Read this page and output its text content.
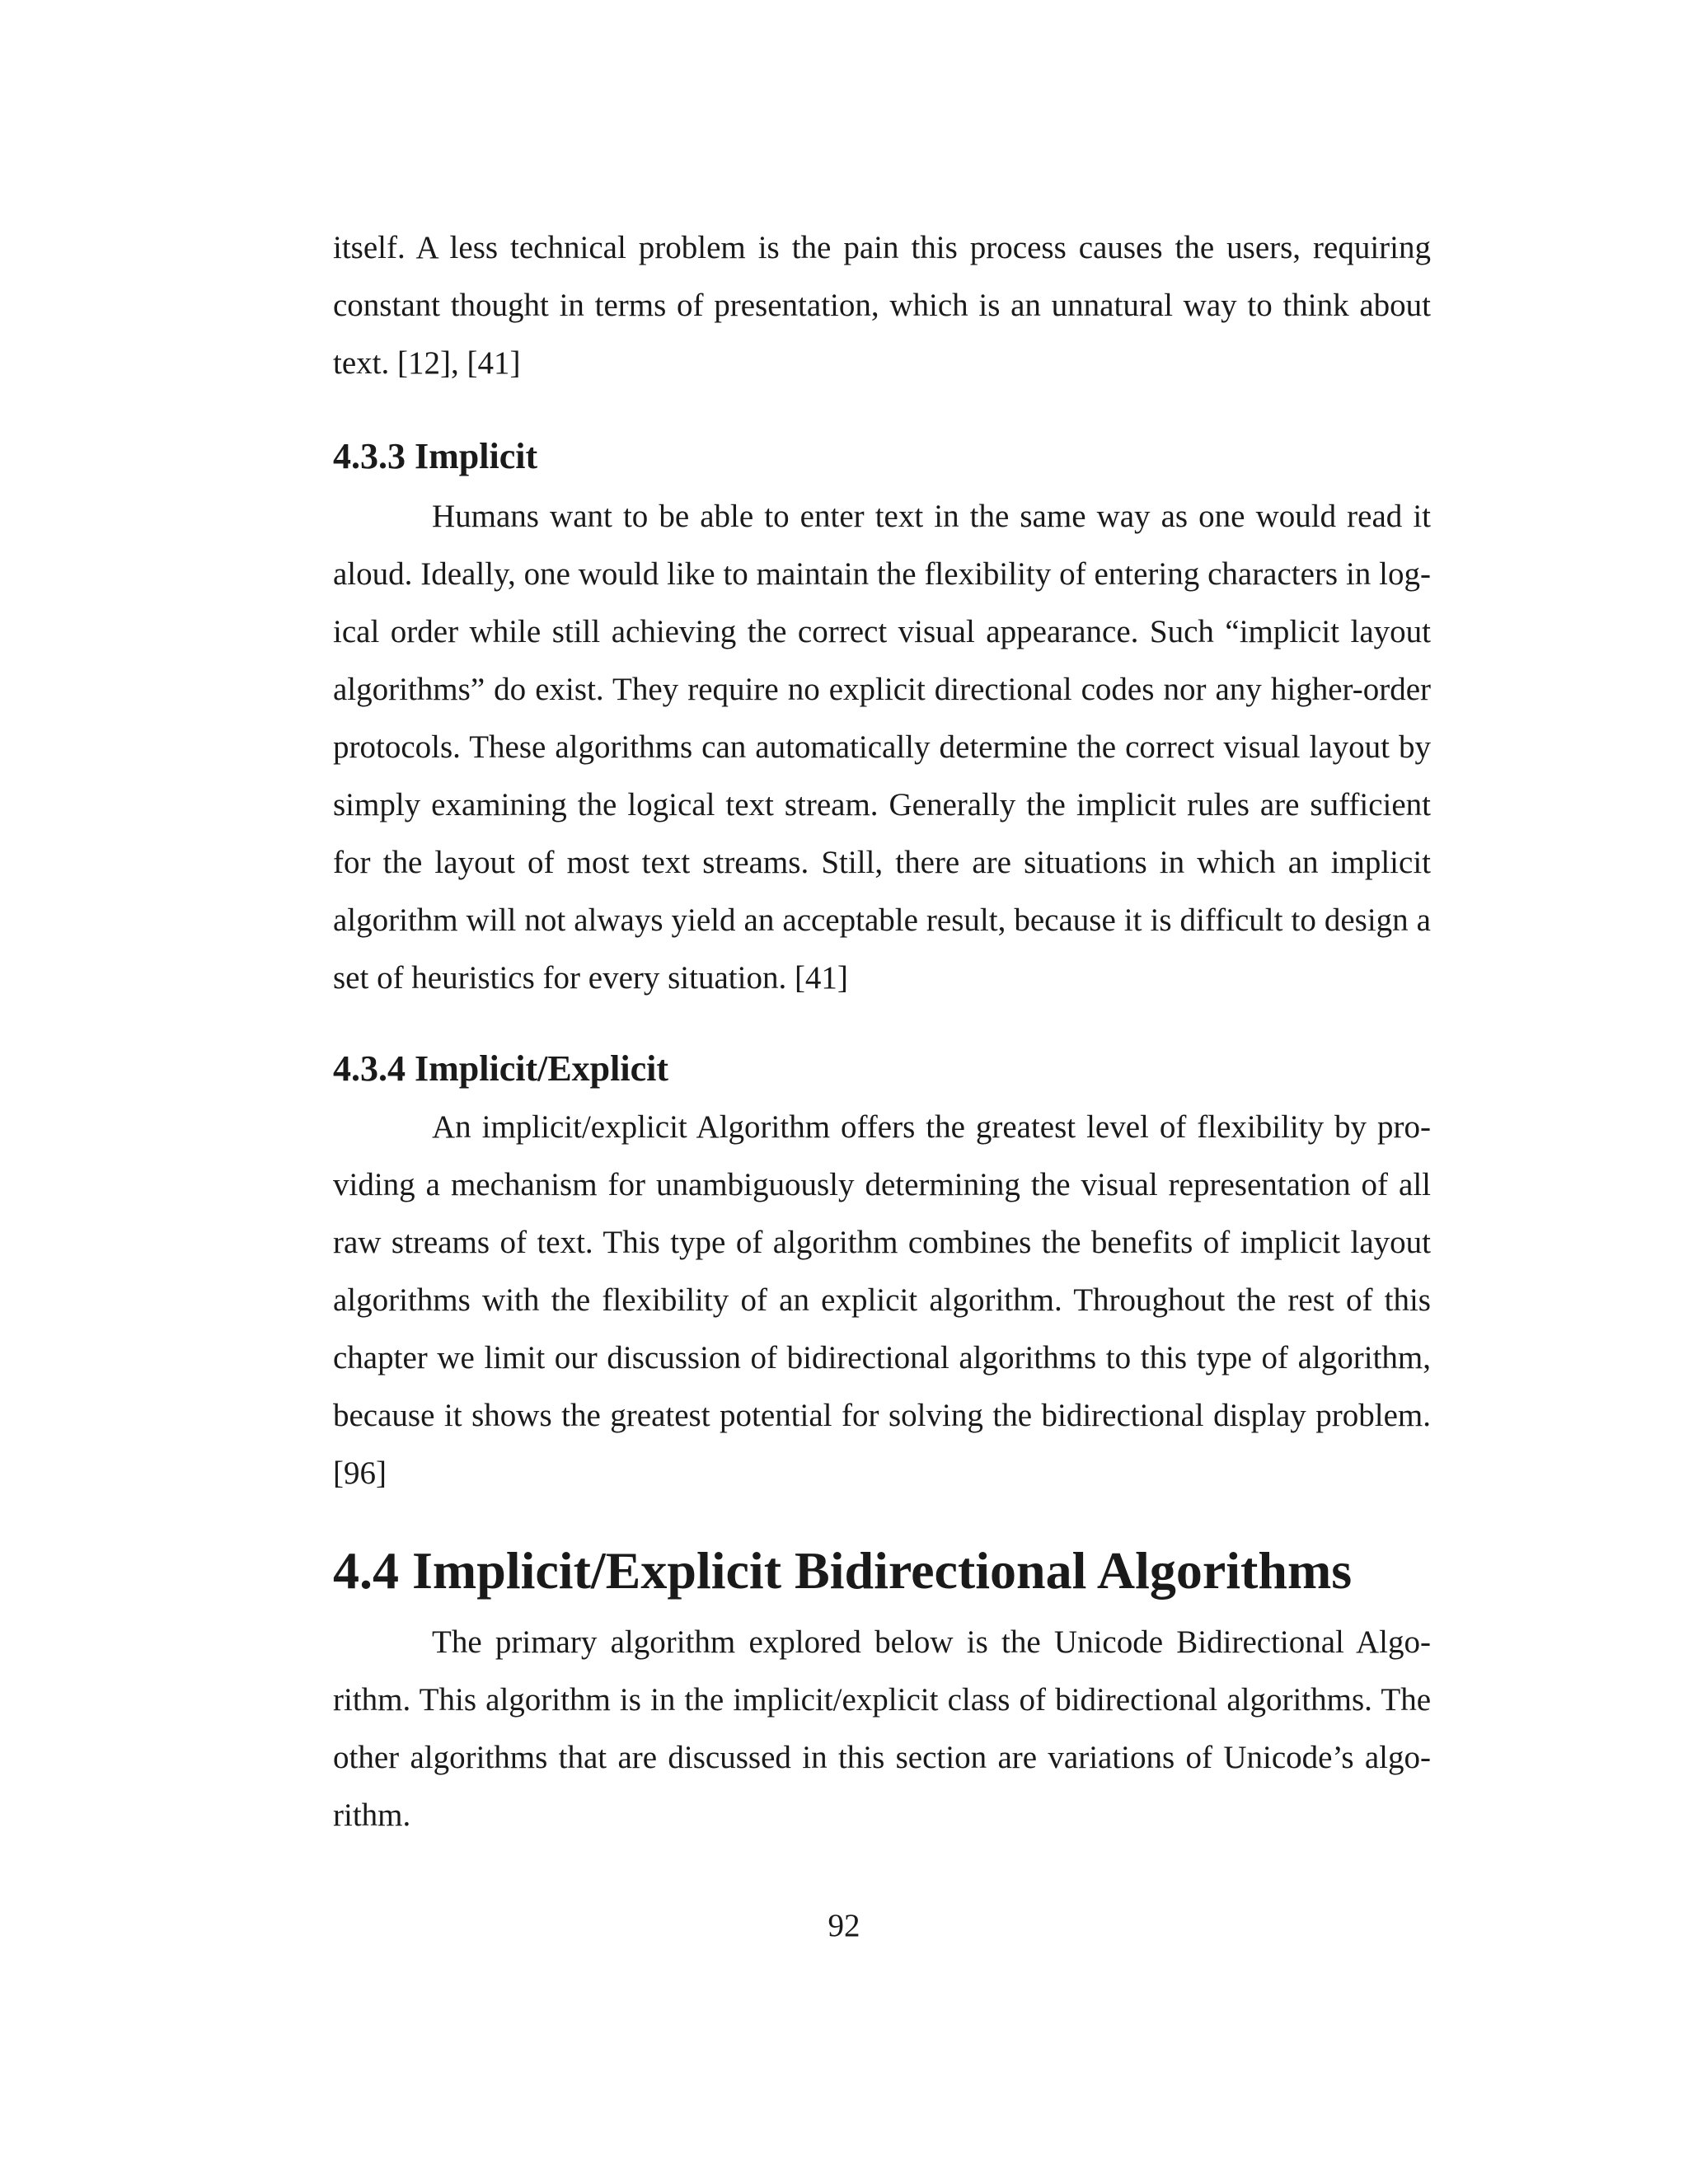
itself. A less technical problem is the pain this process causes the users, requiring constant thought in terms of presentation, which is an unnatural way to think about text. [12], [41]

4.3.3 Implicit

Humans want to be able to enter text in the same way as one would read it aloud. Ideally, one would like to maintain the flexibility of entering characters in logical order while still achieving the correct visual appearance. Such “implicit layout algorithms” do exist. They require no explicit directional codes nor any higher-order protocols. These algorithms can automatically determine the correct visual layout by simply examining the logical text stream. Generally the implicit rules are sufficient for the layout of most text streams. Still, there are situations in which an implicit algorithm will not always yield an acceptable result, because it is difficult to design a set of heuristics for every situation. [41]

4.3.4 Implicit/Explicit

An implicit/explicit Algorithm offers the greatest level of flexibility by providing a mechanism for unambiguously determining the visual representation of all raw streams of text. This type of algorithm combines the benefits of implicit layout algorithms with the flexibility of an explicit algorithm. Throughout the rest of this chapter we limit our discussion of bidirectional algorithms to this type of algorithm, because it shows the greatest potential for solving the bidirectional display problem. [96]

4.4 Implicit/Explicit Bidirectional Algorithms

The primary algorithm explored below is the Unicode Bidirectional Algorithm. This algorithm is in the implicit/explicit class of bidirectional algorithms. The other algorithms that are discussed in this section are variations of Unicode’s algorithm.

92
